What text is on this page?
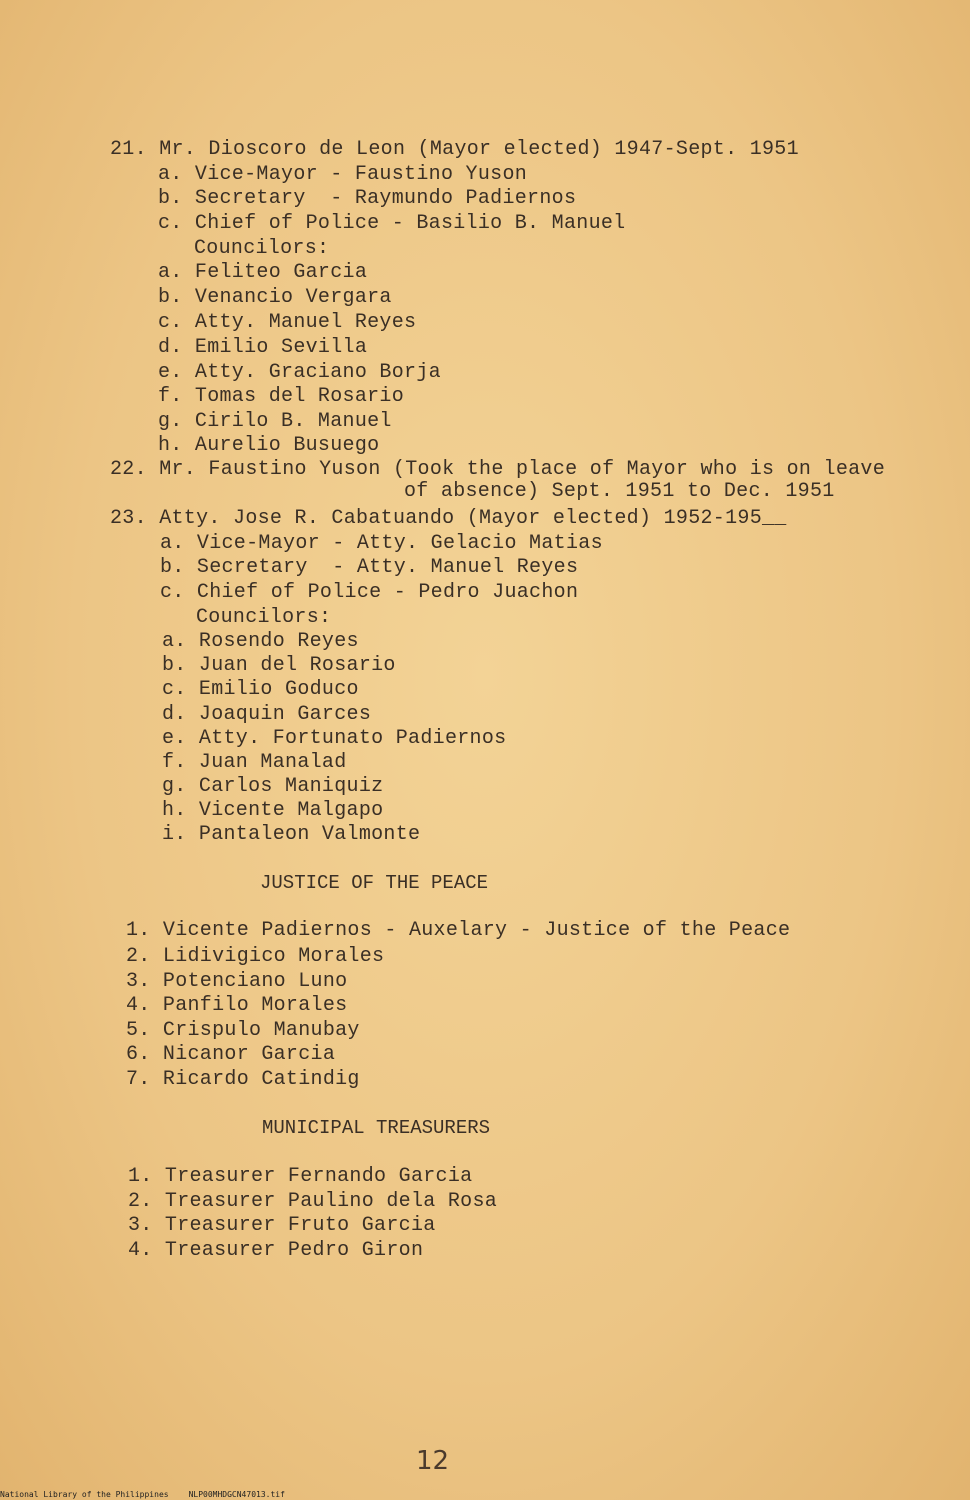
21. Mr. Dioscoro de Leon (Mayor elected) 1947-Sept. 1951
a. Vice-Mayor - Faustino Yuson
b. Secretary  - Raymundo Padiernos
c. Chief of Police - Basilio B. Manuel
Councilors:
a. Feliteo Garcia
b. Venancio Vergara
c. Atty. Manuel Reyes
d. Emilio Sevilla
e. Atty. Graciano Borja
f. Tomas del Rosario
g. Cirilo B. Manuel
h. Aurelio Busuego
22. Mr. Faustino Yuson (Took the place of Mayor who is on leave
of absence) Sept. 1951 to Dec. 1951
23. Atty. Jose R. Cabatuando (Mayor elected) 1952-195__
a. Vice-Mayor - Atty. Gelacio Matias
b. Secretary  - Atty. Manuel Reyes
c. Chief of Police - Pedro Juachon
Councilors:
a. Rosendo Reyes
b. Juan del Rosario
c. Emilio Goduco
d. Joaquin Garces
e. Atty. Fortunato Padiernos
f. Juan Manalad
g. Carlos Maniquiz
h. Vicente Malgapo
i. Pantaleon Valmonte
JUSTICE OF THE PEACE
1. Vicente Padiernos - Auxelary - Justice of the Peace
2. Lidivigico Morales
3. Potenciano Luno
4. Panfilo Morales
5. Crispulo Manubay
6. Nicanor Garcia
7. Ricardo Catindig
MUNICIPAL TREASURERS
1. Treasurer Fernando Garcia
2. Treasurer Paulino dela Rosa
3. Treasurer Fruto Garcia
4. Treasurer Pedro Giron
12
National Library of the Philippines	NLP00MHDGCN47013.tif
